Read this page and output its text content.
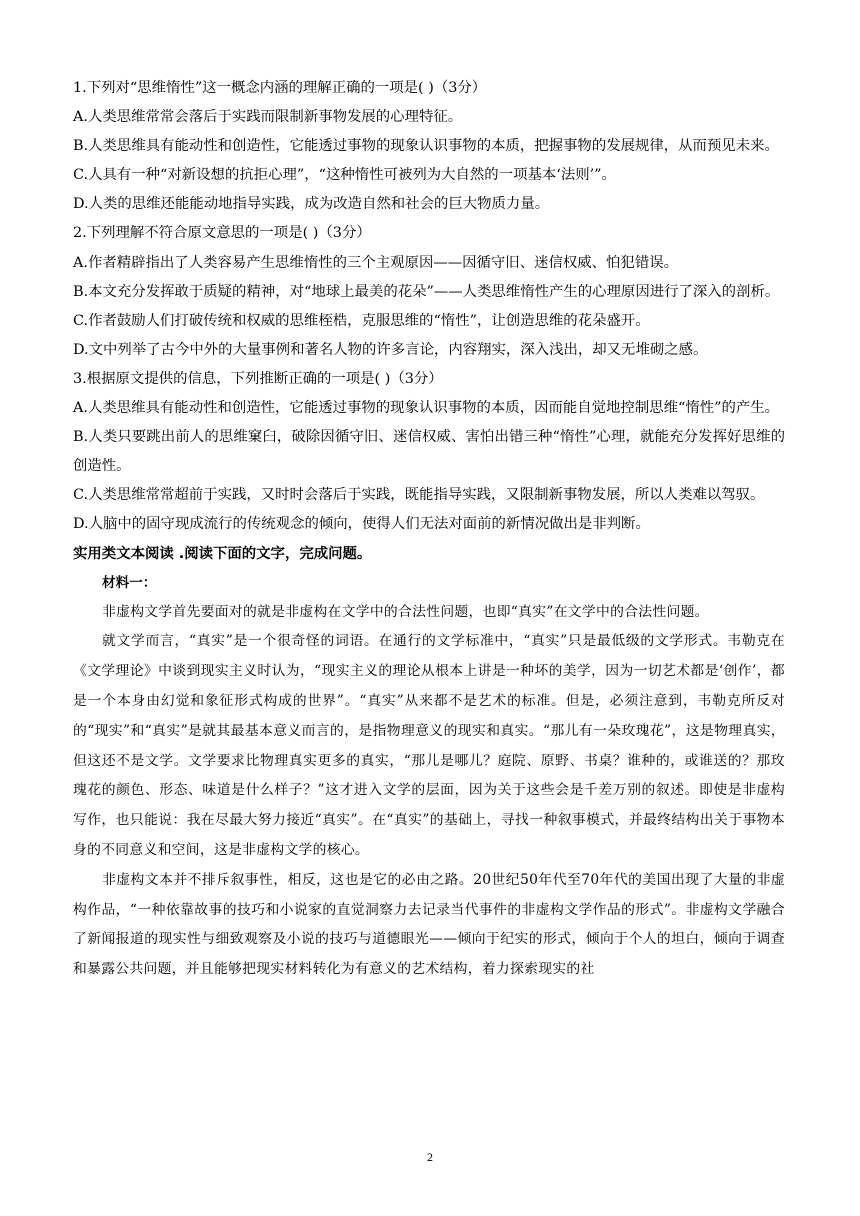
1.下列对“思维惰性”这一概念内涵的理解正确的一项是( )（3分）

A.人类思维常常会落后于实践而限制新事物发展的心理特征。

B.人类思维具有能动性和创造性，它能透过事物的现象认识事物的本质，把握事物的发展规律，从而预见未来。

C.人具有一种“对新设想的抗拒心理”，“这种惰性可被列为大自然的一项基本‘法则’”。

D.人类的思维还能能动地指导实践，成为改造自然和社会的巨大物质力量。

2.下列理解不符合原文意思的一项是( )（3分）

A.作者精辟指出了人类容易产生思维惰性的三个主观原因——因循守旧、迷信权威、怕犯错误。

B.本文充分发挥敢于质疑的精神，对“地球上最美的花朵”——人类思维惰性产生的心理原因进行了深入的剖析。

C.作者鼓励人们打破传统和权威的思维桎梏，克服思维的“惰性”，让创造思维的花朵盛开。

D.文中列举了古今中外的大量事例和著名人物的许多言论，内容翔实，深入浅出，却又无堆砌之感。

3.根据原文提供的信息，下列推断正确的一项是( )（3分）

A.人类思维具有能动性和创造性，它能透过事物的现象认识事物的本质，因而能自觉地控制思维“惰性”的产生。

B.人类只要跳出前人的思维窠臼，破除因循守旧、迷信权威、害怕出错三种“惰性”心理，就能充分发挥好思维的创造性。

C.人类思维常常超前于实践，又时时会落后于实践，既能指导实践，又限制新事物发展，所以人类难以驾驭。

D.人脑中的固守现成流行的传统观念的倾向，使得人们无法对面前的新情况做出是非判断。

实用类文本阅读 .阅读下面的文字，完成问题。

材料一：

非虚构文学首先要面对的就是非虚构在文学中的合法性问题，也即“真实”在文学中的合法性问题。

就文学而言，“真实”是一个很奇怪的词语。在通行的文学标准中，“真实”只是最低级的文学形式。韦勒克在《文学理论》中谈到现实主义时认为，“现实主义的理论从根本上讲是一种坏的美学，因为一切艺术都是‘创作’，都是一个本身由幻觉和象征形式构成的世界”。“真实”从来都不是艺术的标准。但是，必须注意到，韦勒克所反对的“现实”和“真实”是就其最基本意义而言的，是指物理意义的现实和真实。“那儿有一朵玫瑰花”，这是物理真实，但这还不是文学。文学要求比物理真实更多的真实，“那儿是哪儿？庭院、原野、书桌？谁种的，或谁送的？那玫瑰花的颜色、形态、味道是什么样子？”这才进入文学的层面，因为关于这些会是千差万别的叙述。即使是非虚构写作，也只能说：我在尽最大努力接近“真实”。在“真实”的基础上，寻找一种叙事模式，并最终结构出关于事物本身的不同意义和空间，这是非虚构文学的核心。

非虚构文本并不排斥叙事性，相反，这也是它的必由之路。20世纪50年代至70年代的美国出现了大量的非虚构作品，“一种依靠故事的技巧和小说家的直觉洞察力去记录当代事件的非虚构文学作品的形式”。非虚构文学融合了新闻报道的现实性与细致观察及小说的技巧与道德眼光——倾向于纪实的形式，倾向于个人的坦白，倾向于调查和暴露公共问题，并且能够把现实材料转化为有意义的艺术结构，着力探索现实的社

2
